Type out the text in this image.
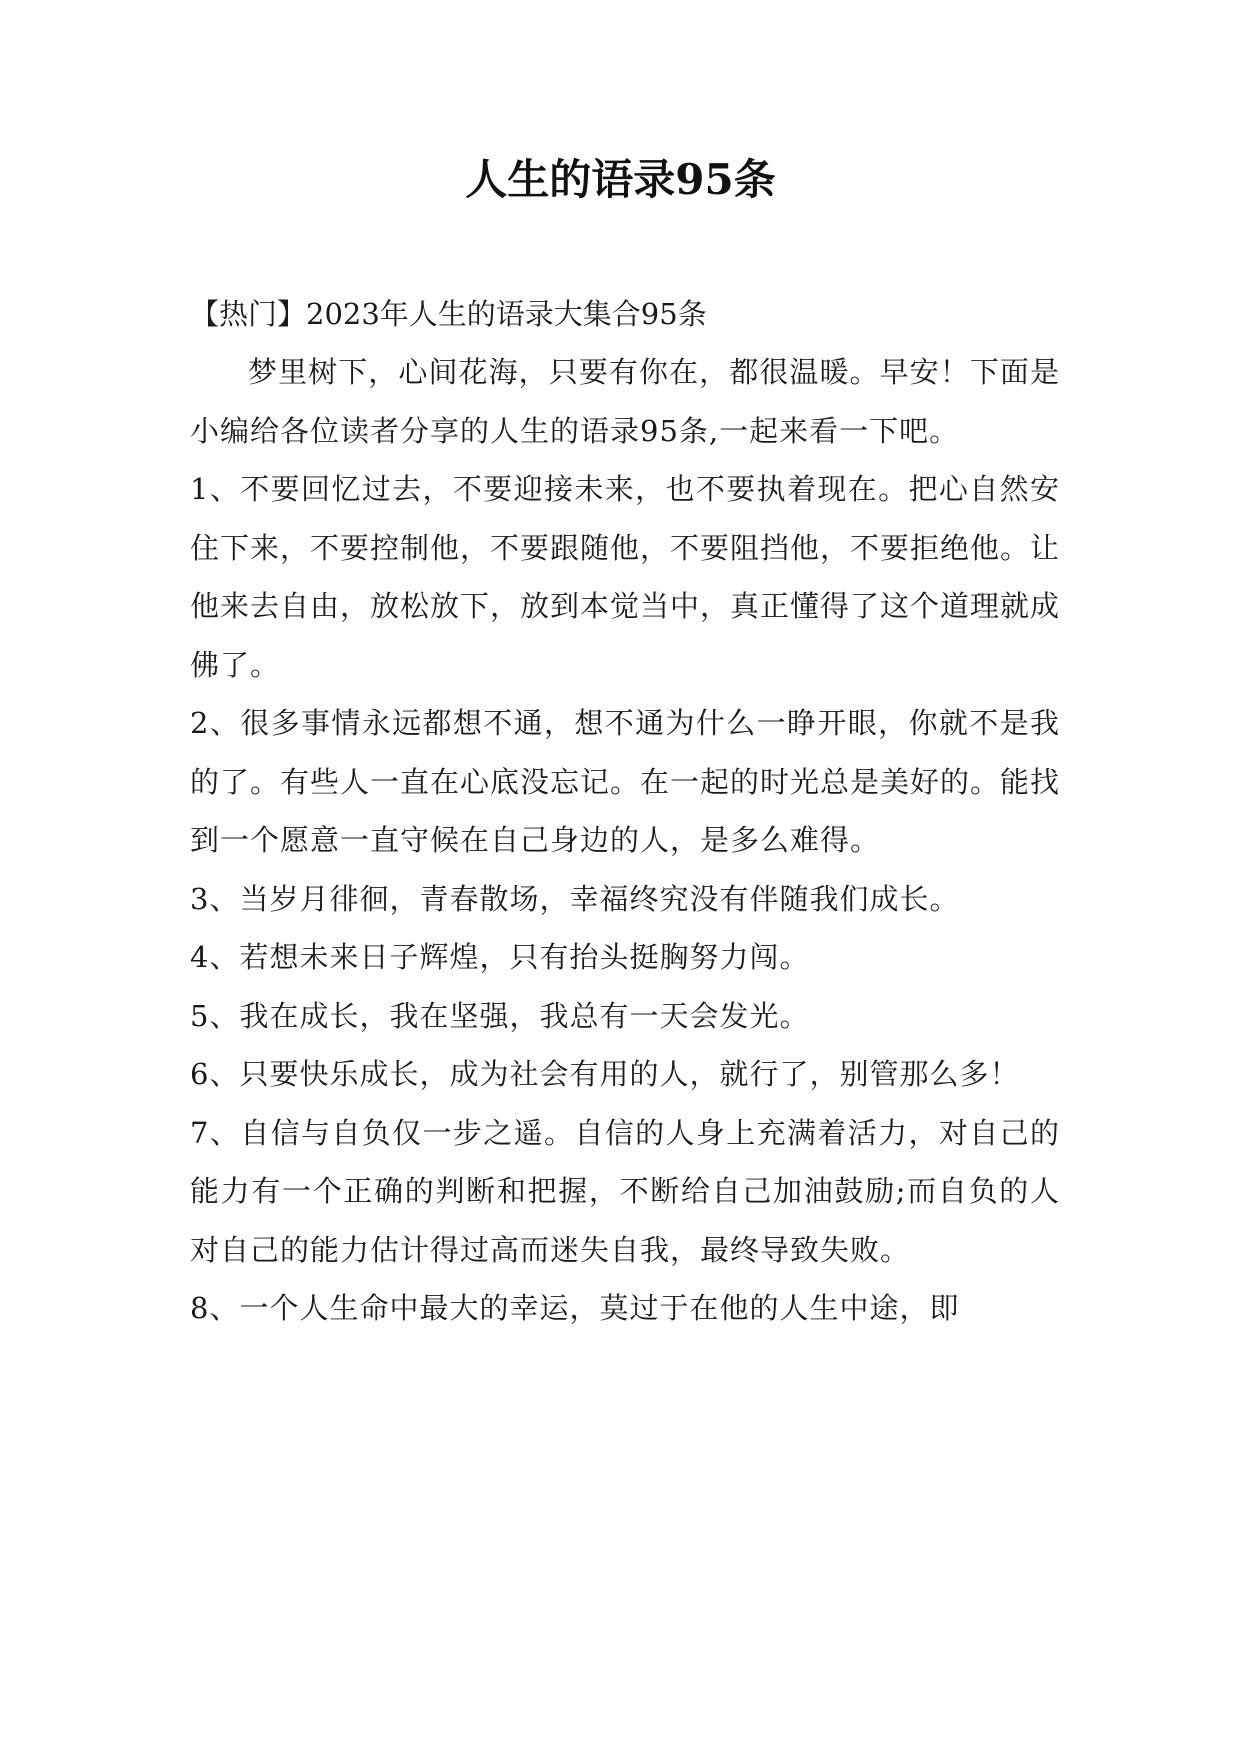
人生的语录95条

【热门】2023年人生的语录大集合95条

梦里树下，心间花海，只要有你在，都很温暖。早安！下面是小编给各位读者分享的人生的语录95条,一起来看一下吧。

1、不要回忆过去，不要迎接未来，也不要执着现在。把心自然安住下来，不要控制他，不要跟随他，不要阻挡他，不要拒绝他。让他来去自由，放松放下，放到本觉当中，真正懂得了这个道理就成佛了。

2、很多事情永远都想不通，想不通为什么一睁开眼，你就不是我的了。有些人一直在心底没忘记。在一起的时光总是美好的。能找到一个愿意一直守候在自己身边的人，是多么难得。

3、当岁月徘徊，青春散场，幸福终究没有伴随我们成长。

4、若想未来日子辉煌，只有抬头挺胸努力闯。

5、我在成长，我在坚强，我总有一天会发光。

6、只要快乐成长，成为社会有用的人，就行了，别管那么多！

7、自信与自负仅一步之遥。自信的人身上充满着活力，对自己的能力有一个正确的判断和把握，不断给自己加油鼓励;而自负的人对自己的能力估计得过高而迷失自我，最终导致失败。

8、一个人生命中最大的幸运，莫过于在他的人生中途，即
